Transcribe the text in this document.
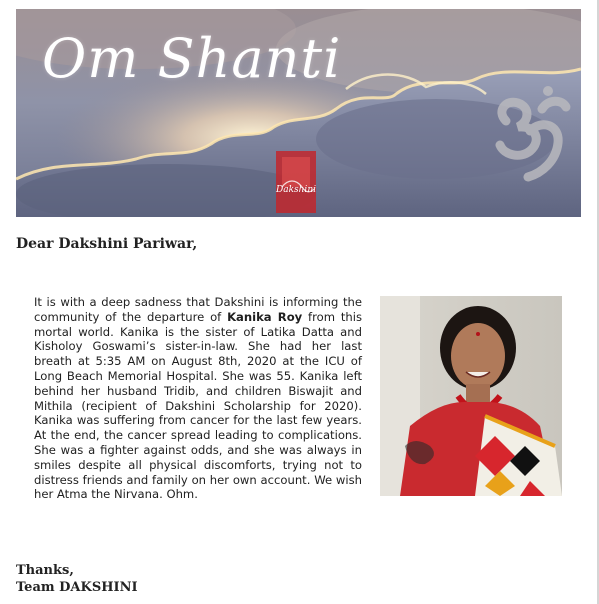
Om Shanti
Dakshini
Dear Dakshini Pariwar,
It is with a deep sadness that Dakshini is informing the community of the departure of Kanika Roy from this mortal world. Kanika is the sister of Latika Datta and Kisholoy Goswami’s sister-in-law. She had her last breath at 5:35 AM on August 8th, 2020 at the ICU of Long Beach Memorial Hospital. She was 55. Kanika left behind her husband Tridib, and children Biswajit and Mithila (recipient of Dakshini Scholarship for 2020). Kanika was suffering from cancer for the last few years. At the end, the cancer spread leading to complications. She was a fighter against odds, and she was always in smiles despite all physical discomforts, trying not to distress friends and family on her own account. We wish her Atma the Nirvana. Ohm.
Thanks,
Team DAKSHINI
